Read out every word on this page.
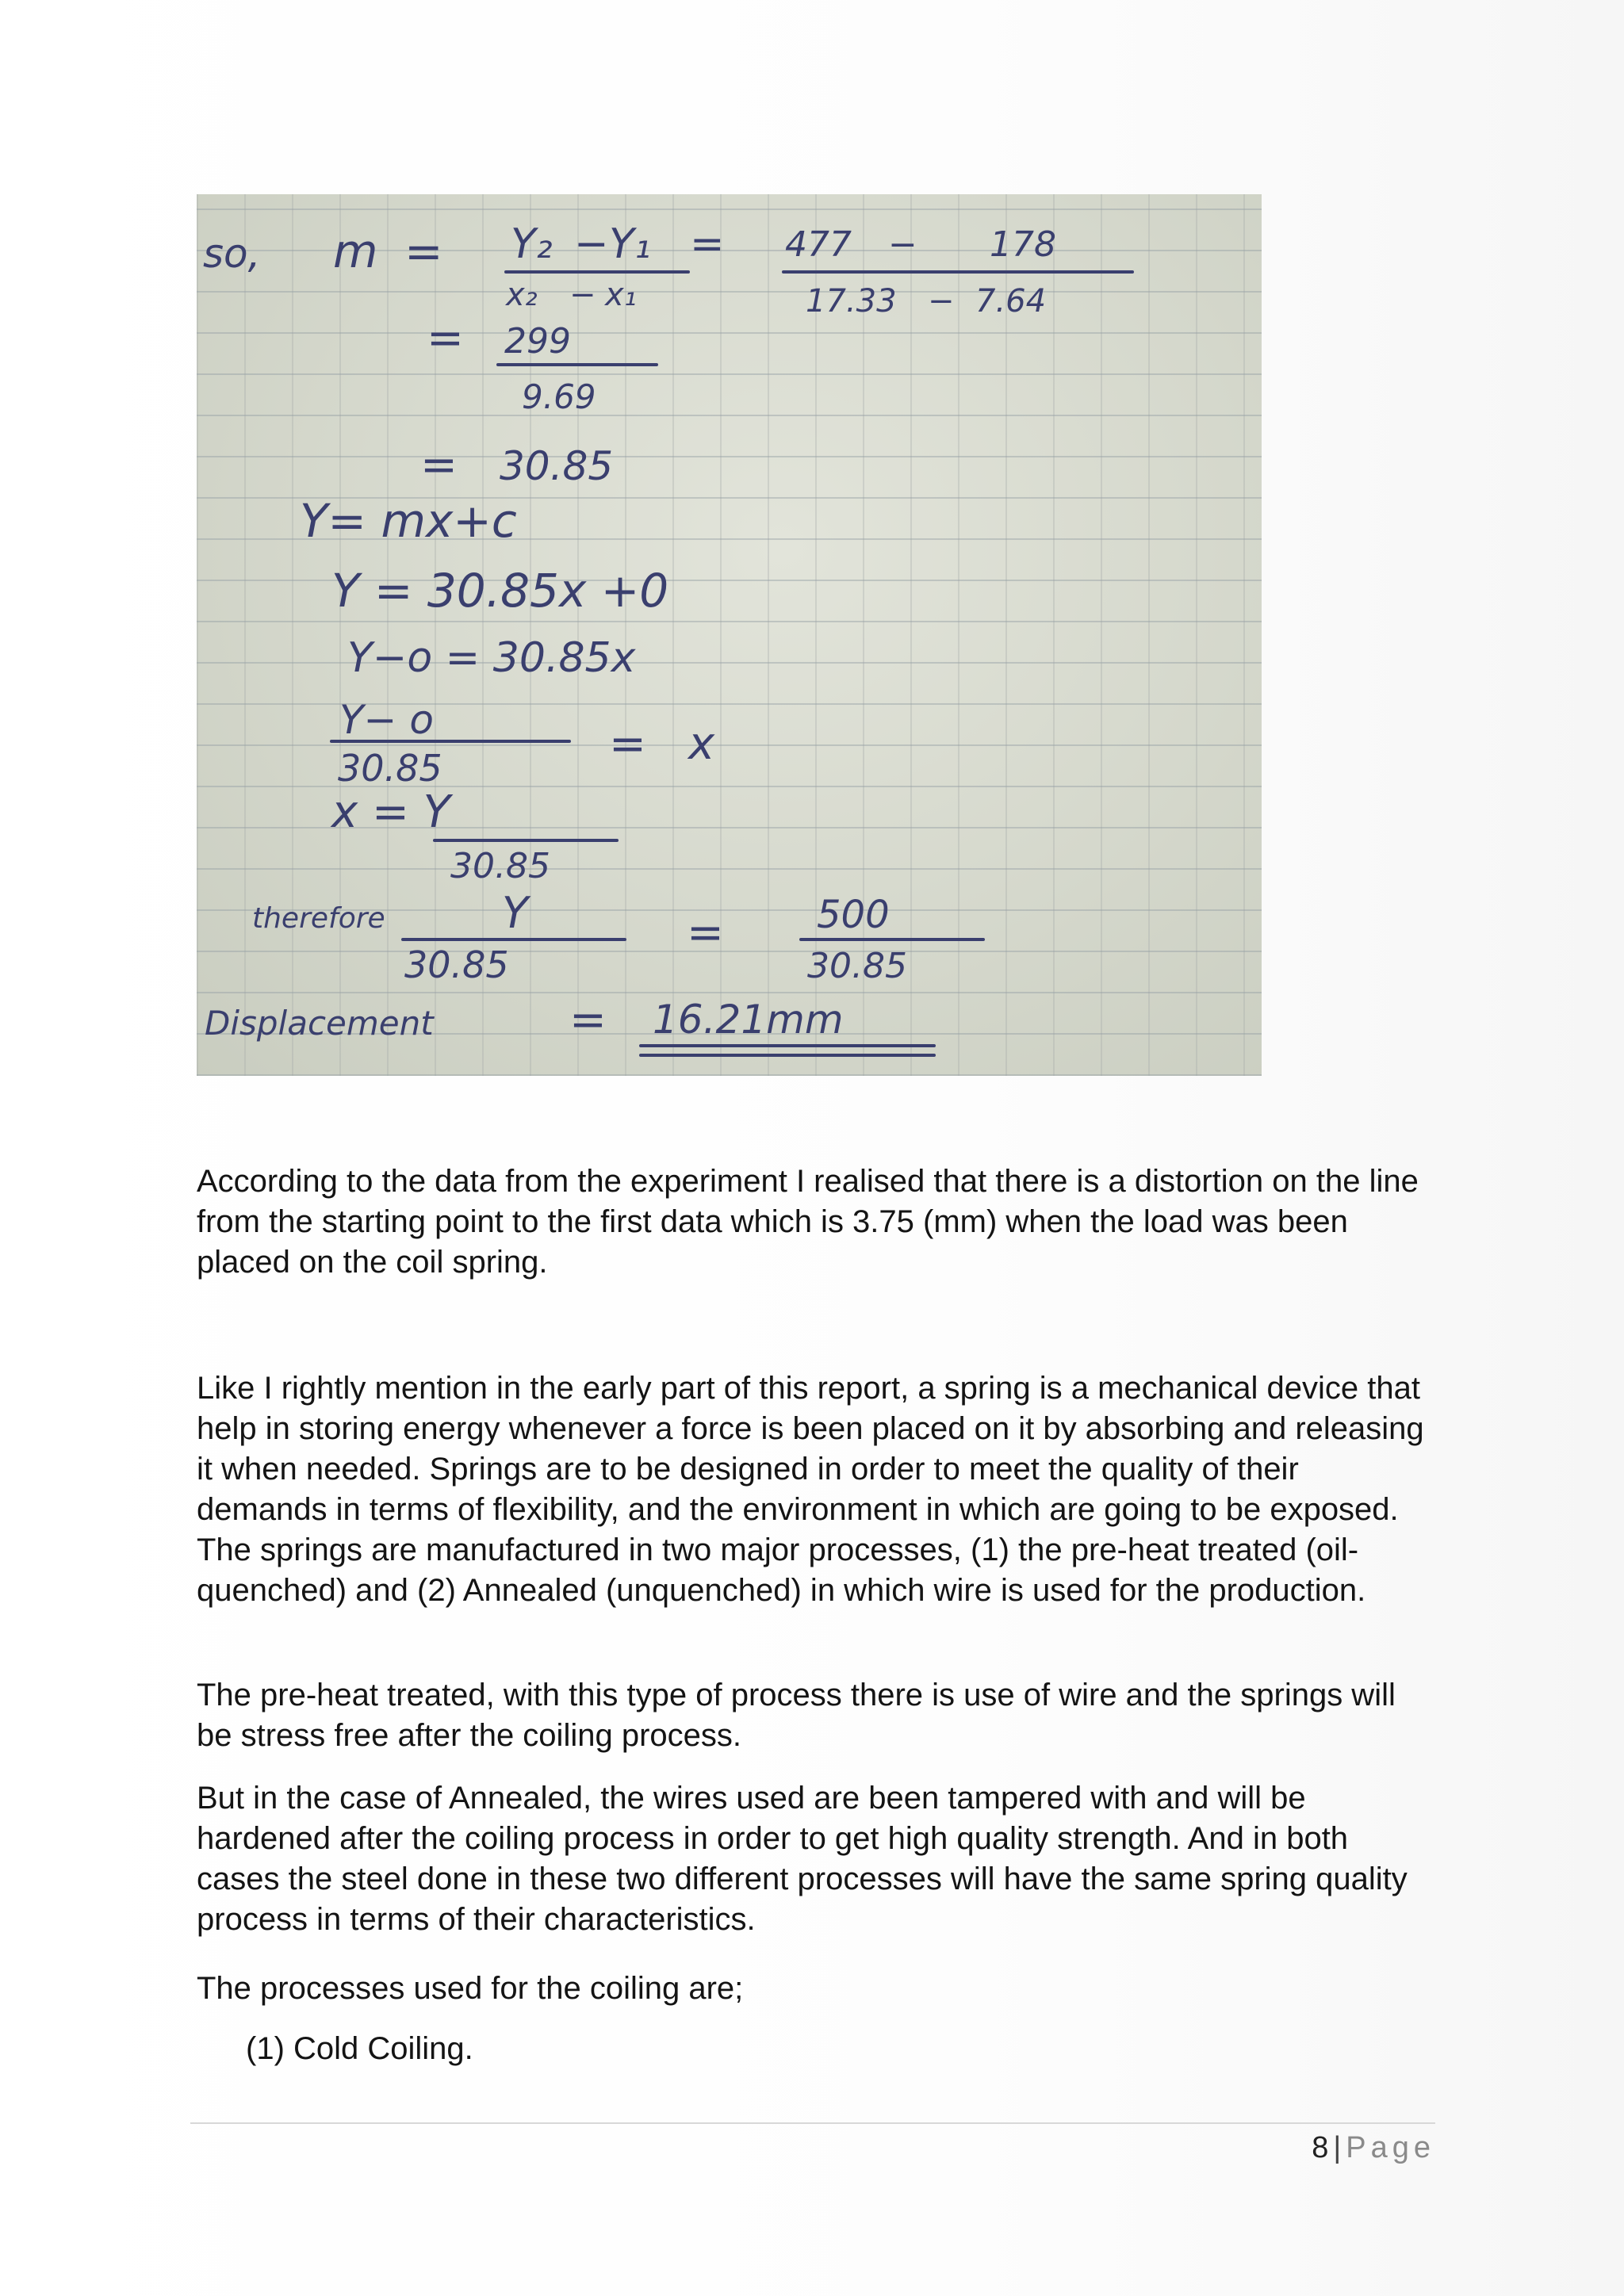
so, m = Y₂ − Y₁
x₂ − x₁
= 477 − 178
17.33 − 7.64
= 299
9.69
= 30.85
Y= mx+c
Y = 30.85x +0
Y−o = 30.85x
Y− o
30.85	= x
x = Y
30.85
therefore	Y
30.85
= 500
30.85
Displacement	= 16.21mm

According to the data from the experiment I realised that there is a distortion on the line from the starting point to the first data which is 3.75 (mm) when the load was been placed on the coil spring.

Like I rightly mention in the early part of this report, a spring is a mechanical device that help in storing energy whenever a force is been placed on it by absorbing and releasing it when needed. Springs are to be designed in order to meet the quality of their demands in terms of flexibility, and the environment in which are going to be exposed. The springs are manufactured in two major processes, (1) the pre-heat treated (oil-quenched) and (2) Annealed (unquenched) in which wire is used for the production.

The pre-heat treated, with this type of process there is use of wire and the springs will be stress free after the coiling process.

But in the case of Annealed, the wires used are been tampered with and will be hardened after the coiling process in order to get high quality strength. And in both cases the steel done in these two different processes will have the same spring quality process in terms of their characteristics.

The processes used for the coiling are;

(1) Cold Coiling.

8 | Page
